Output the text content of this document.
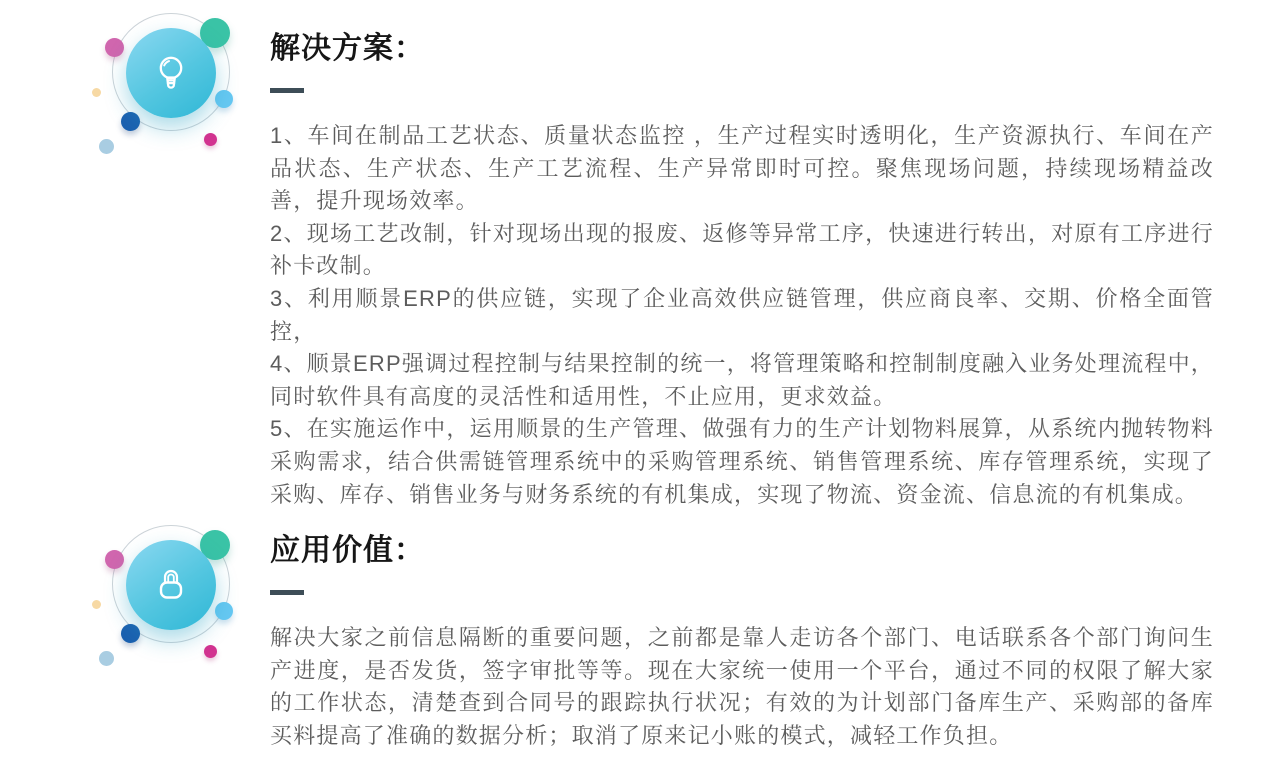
解决方案：

1、车间在制品工艺状态、质量状态监控 ，生产过程实时透明化，生产资源执行、车间在产品状态、生产状态、生产工艺流程、生产异常即时可控。聚焦现场问题，持续现场精益改善，提升现场效率。

2、现场工艺改制，针对现场出现的报废、返修等异常工序，快速进行转出，对原有工序进行补卡改制。

3、利用顺景ERP的供应链，实现了企业高效供应链管理，供应商良率、交期、价格全面管控，

4、顺景ERP强调过程控制与结果控制的统一，将管理策略和控制制度融入业务处理流程中，同时软件具有高度的灵活性和适用性，不止应用，更求效益。

5、在实施运作中，运用顺景的生产管理、做强有力的生产计划物料展算，从系统内抛转物料采购需求，结合供需链管理系统中的采购管理系统、销售管理系统、库存管理系统，实现了采购、库存、销售业务与财务系统的有机集成，实现了物流、资金流、信息流的有机集成。

应用价值：

解决大家之前信息隔断的重要问题，之前都是靠人走访各个部门、电话联系各个部门询问生产进度，是否发货，签字审批等等。现在大家统一使用一个平台，通过不同的权限了解大家的工作状态，清楚查到合同号的跟踪执行状况；有效的为计划部门备库生产、采购部的备库买料提高了准确的数据分析；取消了原来记小账的模式，减轻工作负担。
